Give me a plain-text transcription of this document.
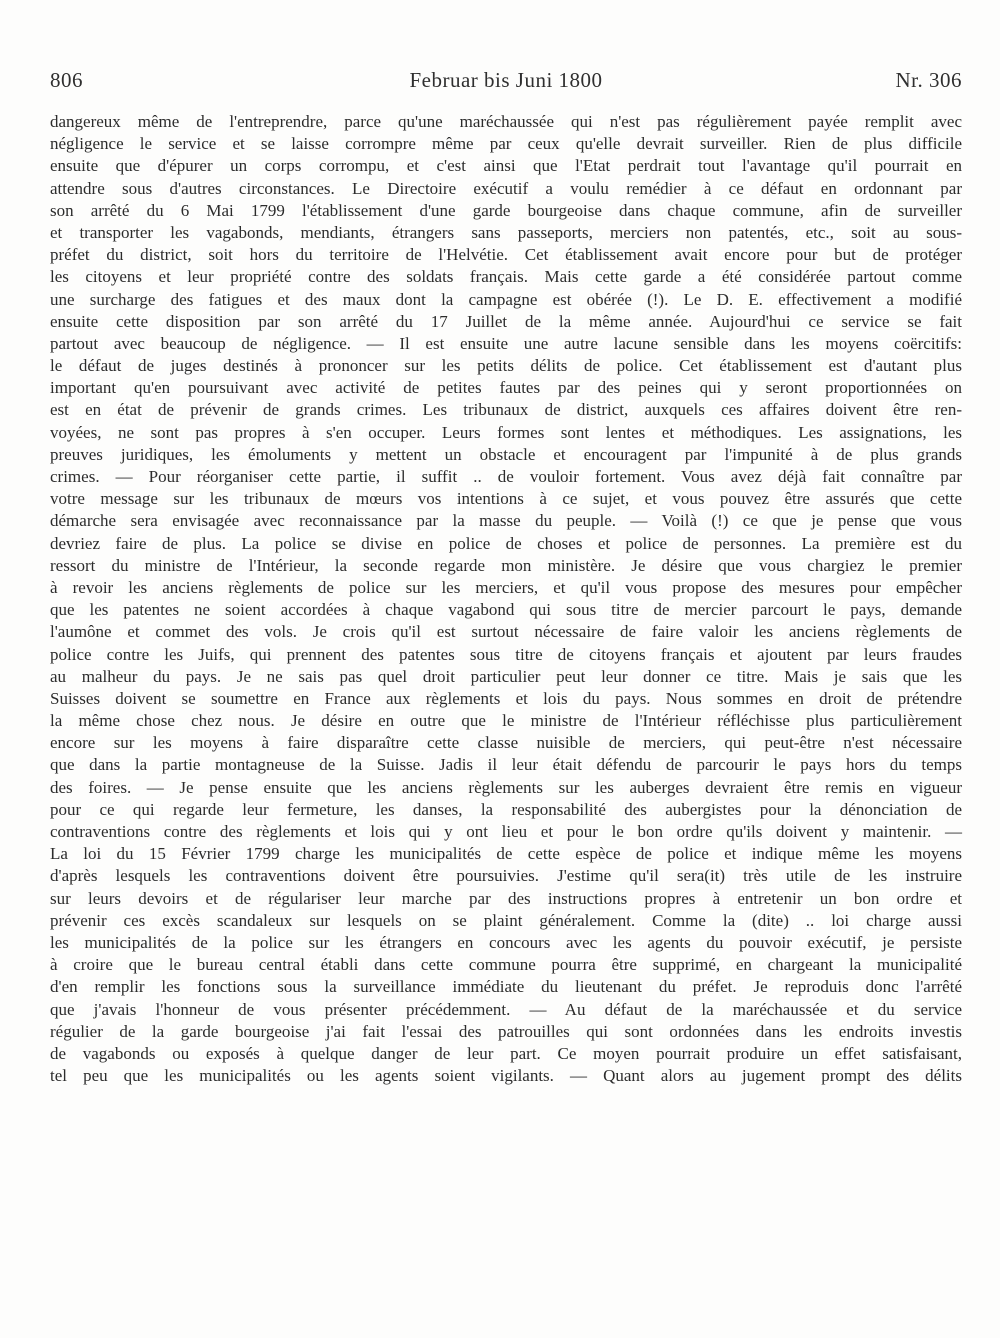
806	Februar bis Juni 1800	Nr. 306
dangereux même de l'entreprendre, parce qu'une maréchaussée qui n'est pas régulièrement payée remplit avec
négligence le service et se laisse corrompre même par ceux qu'elle devrait surveiller. Rien de plus difficile
ensuite que d'épurer un corps corrompu, et c'est ainsi que l'Etat perdrait tout l'avantage qu'il pourrait en
attendre sous d'autres circonstances. Le Directoire exécutif a voulu remédier à ce défaut en ordonnant par
son arrêté du 6 Mai 1799 l'établissement d'une garde bourgeoise dans chaque commune, afin de surveiller
et transporter les vagabonds, mendiants, étrangers sans passeports, merciers non patentés, etc., soit au sous-
préfet du district, soit hors du territoire de l'Helvétie. Cet établissement avait encore pour but de protéger
les citoyens et leur propriété contre des soldats français. Mais cette garde a été considérée partout comme
une surcharge des fatigues et des maux dont la campagne est obérée (!). Le D. E. effectivement a modifié
ensuite cette disposition par son arrêté du 17 Juillet de la même année. Aujourd'hui ce service se fait
partout avec beaucoup de négligence. — Il est ensuite une autre lacune sensible dans les moyens coërcitifs:
le défaut de juges destinés à prononcer sur les petits délits de police. Cet établissement est d'autant plus
important qu'en poursuivant avec activité de petites fautes par des peines qui y seront proportionnées on
est en état de prévenir de grands crimes. Les tribunaux de district, auxquels ces affaires doivent être ren-
voyées, ne sont pas propres à s'en occuper. Leurs formes sont lentes et méthodiques. Les assignations, les
preuves juridiques, les émoluments y mettent un obstacle et encouragent par l'impunité à de plus grands
crimes. — Pour réorganiser cette partie, il suffit .. de vouloir fortement. Vous avez déjà fait connaître par
votre message sur les tribunaux de mœurs vos intentions à ce sujet, et vous pouvez être assurés que cette
démarche sera envisagée avec reconnaissance par la masse du peuple. — Voilà (!) ce que je pense que vous
devriez faire de plus. La police se divise en police de choses et police de personnes. La première est du
ressort du ministre de l'Intérieur, la seconde regarde mon ministère. Je désire que vous chargiez le premier
à revoir les anciens règlements de police sur les merciers, et qu'il vous propose des mesures pour empêcher
que les patentes ne soient accordées à chaque vagabond qui sous titre de mercier parcourt le pays, demande
l'aumône et commet des vols. Je crois qu'il est surtout nécessaire de faire valoir les anciens règlements de
police contre les Juifs, qui prennent des patentes sous titre de citoyens français et ajoutent par leurs fraudes
au malheur du pays. Je ne sais pas quel droit particulier peut leur donner ce titre. Mais je sais que les
Suisses doivent se soumettre en France aux règlements et lois du pays. Nous sommes en droit de prétendre
la même chose chez nous. Je désire en outre que le ministre de l'Intérieur réfléchisse plus particulièrement
encore sur les moyens à faire disparaître cette classe nuisible de merciers, qui peut-être n'est nécessaire
que dans la partie montagneuse de la Suisse. Jadis il leur était défendu de parcourir le pays hors du temps
des foires. — Je pense ensuite que les anciens règlements sur les auberges devraient être remis en vigueur
pour ce qui regarde leur fermeture, les danses, la responsabilité des aubergistes pour la dénonciation de
contraventions contre des règlements et lois qui y ont lieu et pour le bon ordre qu'ils doivent y maintenir. —
La loi du 15 Février 1799 charge les municipalités de cette espèce de police et indique même les moyens
d'après lesquels les contraventions doivent être poursuivies. J'estime qu'il sera(it) très utile de les instruire
sur leurs devoirs et de régulariser leur marche par des instructions propres à entretenir un bon ordre et
prévenir ces excès scandaleux sur lesquels on se plaint généralement. Comme la (dite) .. loi charge aussi
les municipalités de la police sur les étrangers en concours avec les agents du pouvoir exécutif, je persiste
à croire que le bureau central établi dans cette commune pourra être supprimé, en chargeant la municipalité
d'en remplir les fonctions sous la surveillance immédiate du lieutenant du préfet. Je reproduis donc l'arrêté
que j'avais l'honneur de vous présenter précédemment. — Au défaut de la maréchaussée et du service
régulier de la garde bourgeoise j'ai fait l'essai des patrouilles qui sont ordonnées dans les endroits investis
de vagabonds ou exposés à quelque danger de leur part. Ce moyen pourrait produire un effet satisfaisant,
tel peu que les municipalités ou les agents soient vigilants. — Quant alors au jugement prompt des délits
